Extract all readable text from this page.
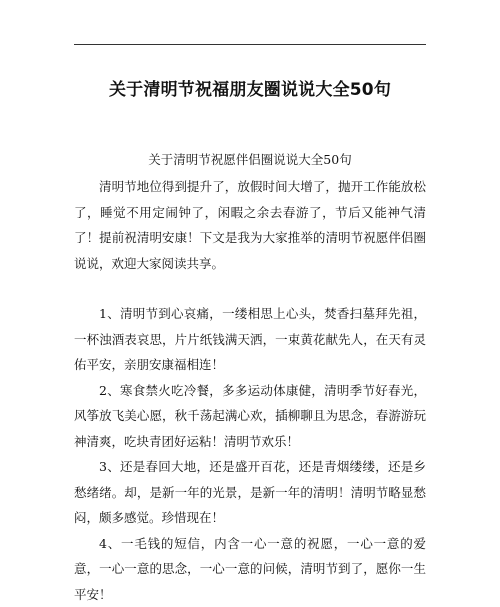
关于清明节祝福朋友圈说说大全50句

关于清明节祝愿伴侣圈说说大全50句

清明节地位得到提升了，放假时间大增了，抛开工作能放松了，睡觉不用定闹钟了，闲暇之余去春游了，节后又能神气清了！提前祝清明安康！下文是我为大家推举的清明节祝愿伴侣圈说说，欢迎大家阅读共享。

1、清明节到心哀痛，一缕相思上心头，焚香扫墓拜先祖，一杯浊酒表哀思，片片纸钱满天洒，一束黄花献先人，在天有灵佑平安，亲朋安康福相连！

2、寒食禁火吃冷餐，多多运动体康健，清明季节好春光，风筝放飞美心愿，秋千荡起满心欢，插柳聊且为思念，春游游玩神清爽，吃块青团好运粘！清明节欢乐！

3、还是春回大地，还是盛开百花，还是青烟缕缕，还是乡愁绪绪。却，是新一年的光景，是新一年的清明！清明节略显愁闷，颇多感觉。珍惜现在！

4、一毛钱的短信，内含一心一意的祝愿，一心一意的爱意，一心一意的思念，一心一意的问候，清明节到了，愿你一生平安！
